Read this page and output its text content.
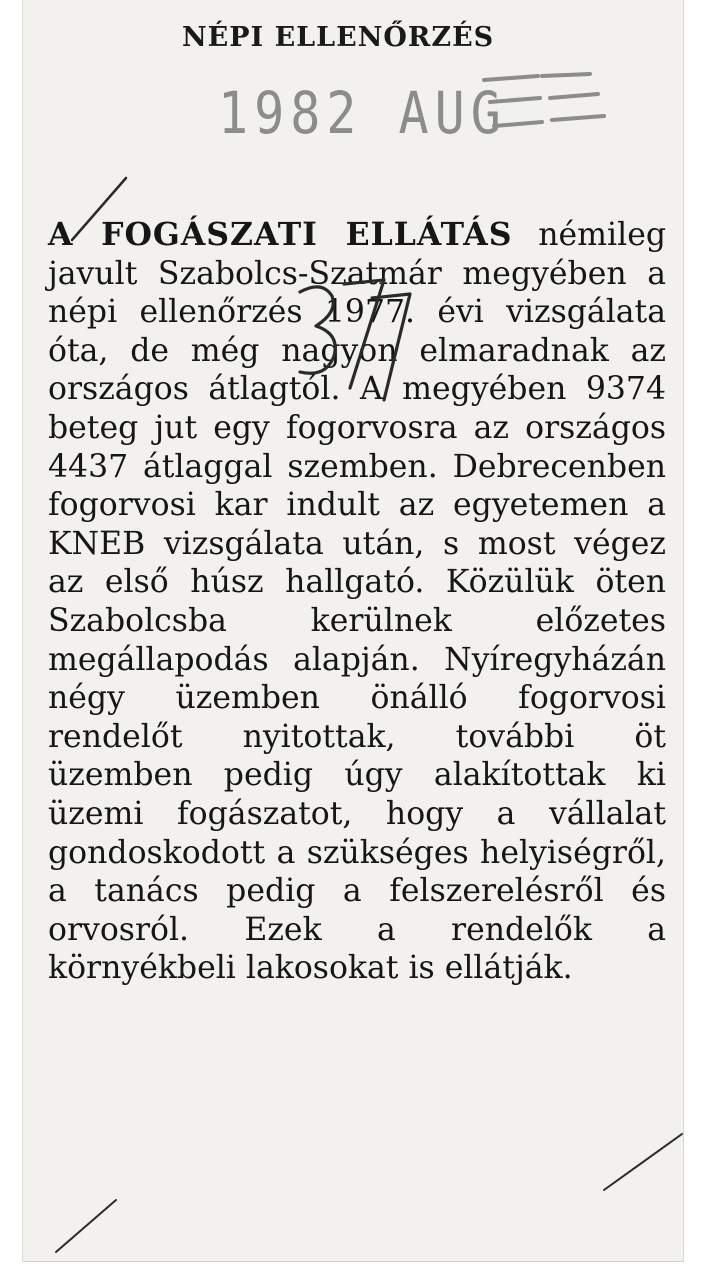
NÉPI ELLENŐRZÉS
1982 AUG

A FOGÁSZATI ELLÁTÁS némileg javult Szabolcs-Szatmár megyében a népi ellenőrzés 1977. évi vizsgálata óta, de még nagyon elmaradnak az országos átlagtól. A megyében 9374 beteg jut egy fogorvosra az országos 4437 átlaggal szemben. Debrecenben fogorvosi kar indult az egyetemen a KNEB vizsgálata után, s most végez az első húsz hallgató. Közülük öten Szabolcsba kerülnek előzetes megállapodás alapján. Nyíregyházán négy üzemben önálló fogorvosi rendelőt nyitottak, további öt üzemben pedig úgy alakítottak ki üzemi fogászatot, hogy a vállalat gondoskodott a szükséges helyiségről, a tanács pedig a felszerelésről és orvosról. Ezek a rendelők a környékbeli lakosokat is ellátják.
